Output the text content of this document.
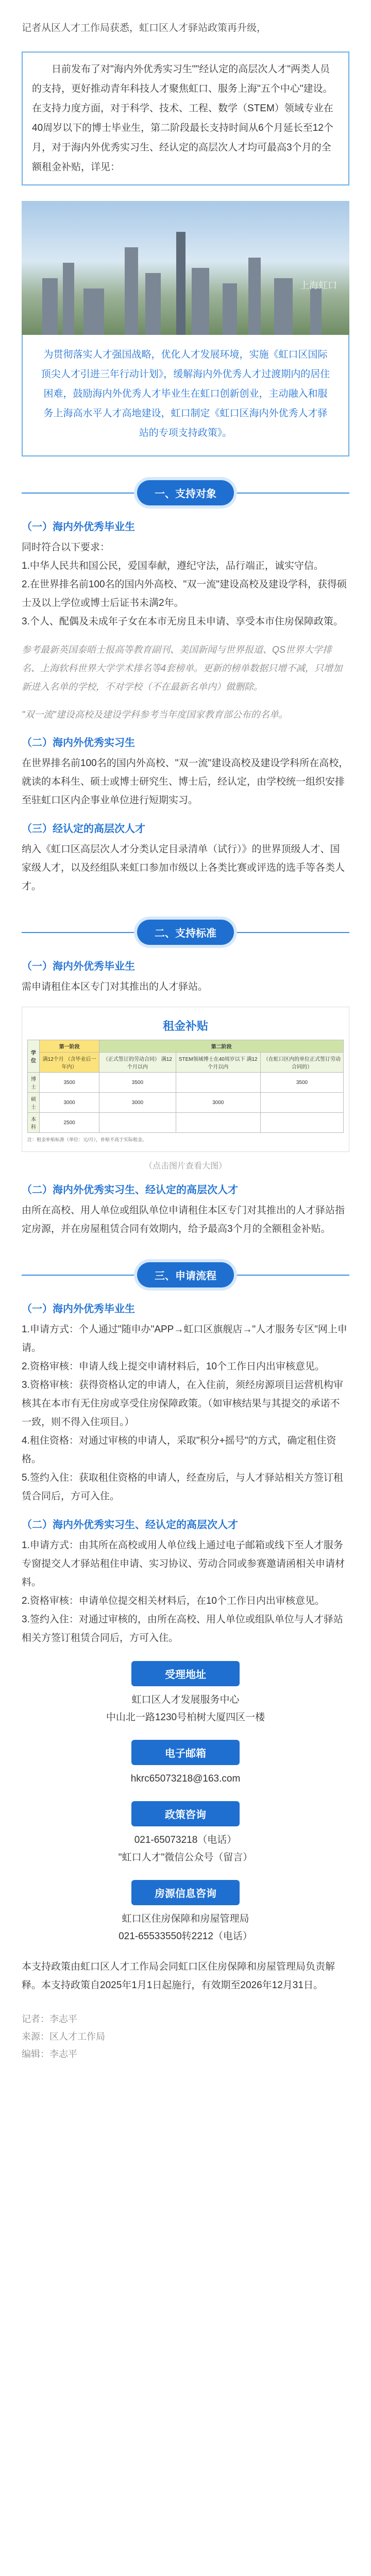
记者从区人才工作局获悉，虹口区人才驿站政策再升级，

日前发布了对"海内外优秀实习生""经认定的高层次人才"两类人员的支持，更好推动青年科技人才聚焦虹口、服务上海"五个中心"建设。在支持力度方面，对于科学、技术、工程、数学（STEM）领域专业在40周岁以下的博士毕业生，第二阶段最长支持时间从6个月延长至12个月，对于海内外优秀实习生、经认定的高层次人才均可最高3个月的全额租金补贴，详见：
上海虹口
为贯彻落实人才强国战略，优化人才发展环境，实施《虹口区国际顶尖人才引进三年行动计划》，缓解海内外优秀人才过渡期内的居住困难，鼓励海内外优秀人才毕业生在虹口创新创业，主动融入和服务上海高水平人才高地建设，虹口制定《虹口区海内外优秀人才驿站的专项支持政策》。
一、支持对象
（一）海内外优秀毕业生

同时符合以下要求：

1.中华人民共和国公民，爱国奉献，遵纪守法，品行端正，诚实守信。

2.在世界排名前100名的国内外高校、"双一流"建设高校及建设学科，获得硕士及以上学位或博士后证书未满2年。

3.个人、配偶及未成年子女在本市无房且未申请、享受本市住房保障政策。

参考最新英国泰晤士报高等教育副刊、美国新闻与世界报道、QS世界大学排名、上海软科世界大学学术排名等4套榜单。更新的榜单数据只增不减，只增加新进入名单的学校，不对学校（不在最新名单内）做删除。

"双一流"建设高校及建设学科参考当年度国家教育部公布的名单。

（二）海内外优秀实习生

在世界排名前100名的国内外高校、"双一流"建设高校及建设学科所在高校，就读的本科生、硕士或博士研究生、博士后，经认定，由学校统一组织安排至驻虹口区内企事业单位进行短期实习。

（三）经认定的高层次人才

纳入《虹口区高层次人才分类认定目录清单（试行）》的世界顶级人才、国家级人才，以及经组队来虹口参加市级以上各类比赛或评选的选手等各类人才。

二、支持标准
（一）海内外优秀毕业生

需申请租住本区专门对其推出的人才驿站。

租金补贴
学位	第一阶段	第二阶段		
	满12个月 （含毕业后一年内）	（正式签订的劳动合同） 满12个月以内	STEM领域博士在40周岁以下 满12个月以内	（在虹口区内的单位正式签订劳动合同的）
博士	3500	3500		3500
硕士	3000	3000	3000	
本科	2500			
注：租金补贴标准（单位：元/月），补贴不高于实际租金。
（点击图片查看大图）
（二）海内外优秀实习生、经认定的高层次人才

由所在高校、用人单位或组队单位申请租住本区专门对其推出的人才驿站指定房源，并在房屋租赁合同有效期内，给予最高3个月的全额租金补贴。

三、申请流程
（一）海内外优秀毕业生

1.申请方式：个人通过"随申办"APP→虹口区旗舰店→"人才服务专区"网上申请。

2.资格审核：申请人线上提交申请材料后，10个工作日内出审核意见。

3.资格审核：获得资格认定的申请人，在入住前，须经房源项目运营机构审核其在本市有无住房或享受住房保障政策。（如审核结果与其提交的承诺不一致，则不得入住项目。）

4.租住资格：对通过审核的申请人，采取"积分+摇号"的方式，确定租住资格。

5.签约入住：获取租住资格的申请人，经查房后，与人才驿站相关方签订租赁合同后，方可入住。

（二）海内外优秀实习生、经认定的高层次人才

1.申请方式：由其所在高校或用人单位线上通过电子邮箱或线下至人才服务专窗提交人才驿站租住申请、实习协议、劳动合同或参赛邀请函相关申请材料。

2.资格审核：申请单位提交相关材料后，在10个工作日内出审核意见。

3.签约入住：对通过审核的，由所在高校、用人单位或组队单位与人才驿站相关方签订租赁合同后，方可入住。

受理地址

虹口区人才发展服务中心

中山北一路1230号柏树大厦四区一楼

电子邮箱

hkrc65073218@163.com

政策咨询

021-65073218（电话）

"虹口人才"微信公众号（留言）

房源信息咨询

虹口区住房保障和房屋管理局

021-65533550转2212（电话）

本支持政策由虹口区人才工作局会同虹口区住房保障和房屋管理局负责解释。本支持政策自2025年1月1日起施行，有效期至2026年12月31日。

记者：李志平
来源：区人才工作局
编辑：李志平
